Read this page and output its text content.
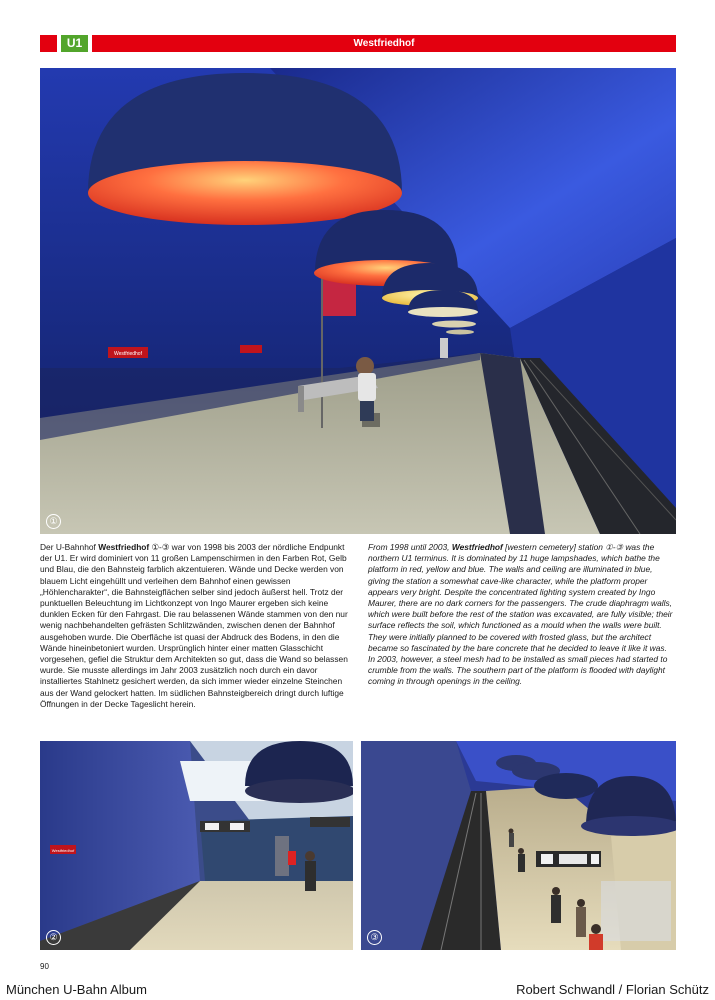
U1	Westfriedhof
Westfriedhof
①
Der U-Bahnhof Westfriedhof ①-③ war von 1998 bis 2003 der nördliche Endpunkt der U1. Er wird dominiert von 11 großen Lampenschirmen in den Farben Rot, Gelb und Blau, die den Bahnsteig farblich akzentuieren. Wände und Decke werden von blauem Licht eingehüllt und verleihen dem Bahnhof einen gewissen „Höhlencharakter“, die Bahnsteigflächen selber sind jedoch äußerst hell. Trotz der punktuellen Beleuchtung im Lichtkonzept von Ingo Maurer ergeben sich keine dunklen Ecken für den Fahrgast. Die rau belassenen Wände stammen von den nur wenig nachbehandelten gefrästen Schlitzwänden, zwischen denen der Bahnhof ausgehoben wurde. Die Oberfläche ist quasi der Abdruck des Bodens, in den die Wände hineinbetoniert wurden. Ursprünglich hinter einer matten Glasschicht vorgesehen, gefiel die Struktur dem Architekten so gut, dass die Wand so belassen wurde. Sie musste allerdings im Jahr 2003 zusätzlich noch durch ein davor installiertes Stahlnetz gesichert werden, da sich immer wieder einzelne Steinchen aus der Wand gelockert hatten. Im südlichen Bahnsteigbereich dringt durch luftige Öffnungen in der Decke Tageslicht herein.
From 1998 until 2003, Westfriedhof [western cemetery] station ①-③ was the northern U1 terminus. It is dominated by 11 huge lampshades, which bathe the platform in red, yellow and blue. The walls and ceiling are illuminated in blue, giving the station a somewhat cave-like character, while the platform proper appears very bright. Despite the concentrated lighting system created by Ingo Maurer, there are no dark corners for the passengers. The crude diaphragm walls, which were built before the rest of the station was excavated, are fully visible; their surface reflects the soil, which functioned as a mould when the walls were built. They were initially planned to be covered with frosted glass, but the architect became so fascinated by the bare concrete that he decided to leave it like it was. In 2003, however, a steel mesh had to be installed as small pieces had started to crumble from the walls. The southern part of the platform is flooded with daylight coming in through openings in the ceiling.
Westfriedhof
②	③
90
München U-Bahn Album	Robert Schwandl / Florian Schütz
